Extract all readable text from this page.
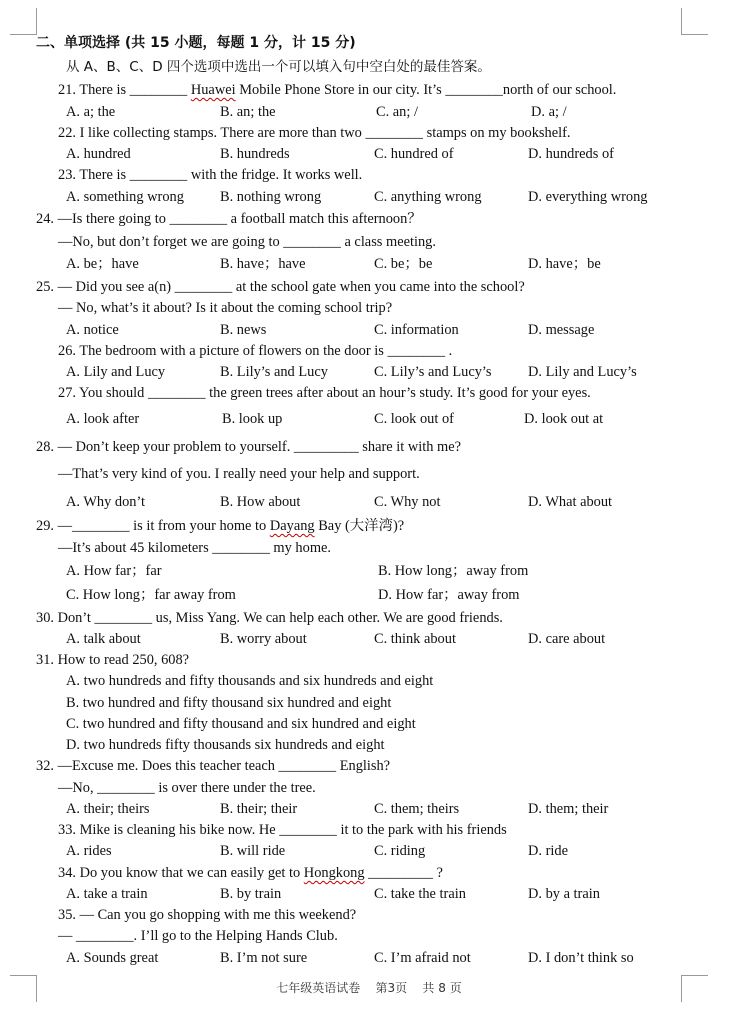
二、单项选择 (共 15 小题，每题 1 分，计 15 分)
从 A、B、C、D 四个选项中选出一个可以填入句中空白处的最佳答案。
21. There is ________ Huawei Mobile Phone Store in our city. It’s ________north of our school.
A. a; the	B. an; the	C. an; /	D. a; /
22. I like collecting stamps. There are more than two ________ stamps on my bookshelf.
A. hundred	B. hundreds	C. hundred of	D. hundreds of
23. There is ________ with the fridge. It works well.
A. something wrong	B. nothing wrong	C. anything wrong	D. everything wrong
24. —Is there going to ________ a football match this afternoon？
—No, but don’t forget we are going to ________ a class meeting.
A. be；have	B. have；have	C. be；be	D. have；be
25. — Did you see a(n) ________ at the school gate when you came into the school?
— No, what’s it about? Is it about the coming school trip?
A. notice	B. news	C. information	D. message
26. The bedroom with a picture of flowers on the door is ________ .
A. Lily and Lucy	B. Lily’s and Lucy	C. Lily’s and Lucy’s	D. Lily and Lucy’s
27. You should ________ the green trees after about an hour’s study. It’s good for your eyes.
A. look after	B. look up	C. look out of	D. look out at
28. — Don’t keep your problem to yourself. _________ share it with me?
—That’s very kind of you. I really need your help and support.
A. Why don’t	B. How about	C. Why not	D. What about
29. —________ is it from your home to Dayang Bay (大洋湾)?
—It’s about 45 kilometers ________ my home.
A. How far；far	B. How long；away from
C. How long；far away from	D. How far；away from
30. Don’t ________ us, Miss Yang. We can help each other. We are good friends.
A. talk about	B. worry about	C. think about	D. care about
31. How to read 250, 608?
A. two hundreds and fifty thousands and six hundreds and eight
B. two hundred and fifty thousand six hundred and eight
C. two hundred and fifty thousand and six hundred and eight
D. two hundreds fifty thousands six hundreds and eight
32. —Excuse me. Does this teacher teach ________ English?
—No, ________ is over there under the tree.
A. their; theirs	B. their; their	C. them; theirs	D. them; their
33. Mike is cleaning his bike now. He ________ it to the park with his friends
A. rides	B. will ride	C. riding	D. ride
34. Do you know that we can easily get to Hongkong _________ ?
A. take a train	B. by train	C. take the train	D. by a train
35. — Can you go shopping with me this weekend?
— ________. I’ll go to the Helping Hands Club.
A. Sounds great	B. I’m not sure	C. I’m afraid not	D. I don’t think so
七年级英语试卷    第3页    共 8 页
